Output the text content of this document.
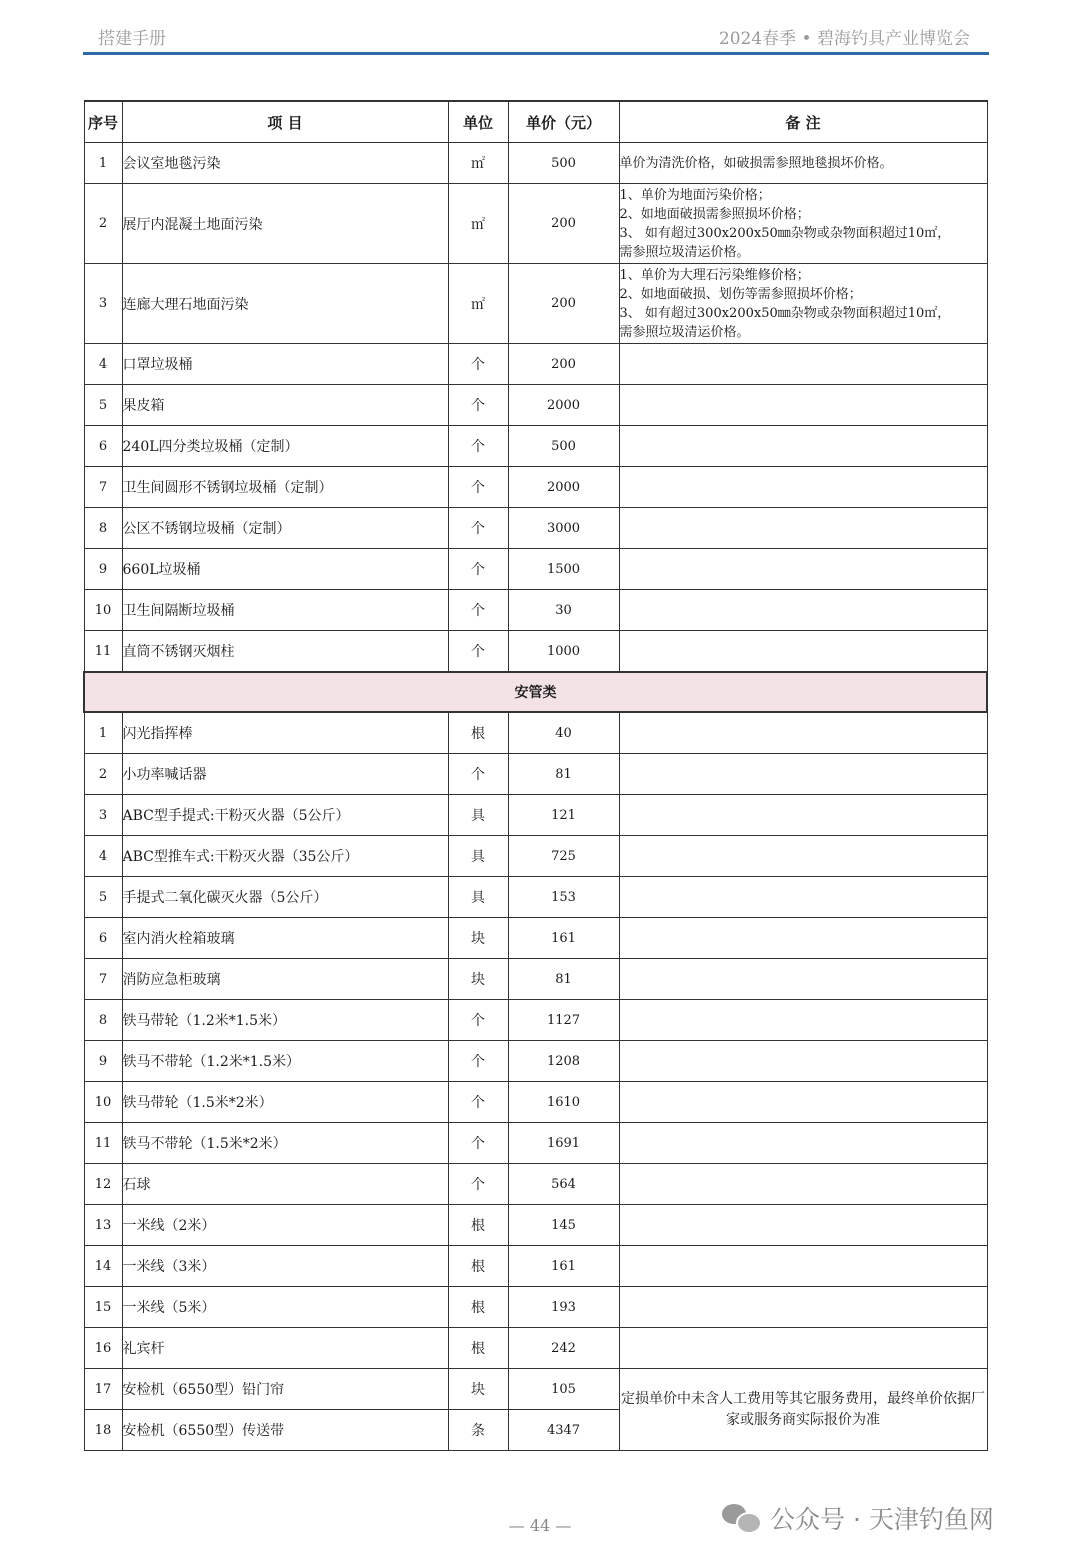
搭建手册	2024春季 • 碧海钓具产业博览会
序号	项 目	单位	单价（元）	备 注
1	会议室地毯污染	㎡	500	单价为清洗价格，如破损需参照地毯损坏价格。

2	展厅内混凝土地面污染	㎡	200	1、单价为地面污染价格；
2、如地面破损需参照损坏价格；
3、 如有超过300x200x50㎜杂物或杂物面积超过10㎡，
需参照垃圾清运价格。

3	连廊大理石地面污染	㎡	200	1、单价为大理石污染维修价格；
2、如地面破损、划伤等需参照损坏价格；
3、 如有超过300x200x50㎜杂物或杂物面积超过10㎡，
需参照垃圾清运价格。

4	口罩垃圾桶	个	200	
5	果皮箱	个	2000	
6	240L四分类垃圾桶（定制）	个	500	
7	卫生间圆形不锈钢垃圾桶（定制）	个	2000	
8	公区不锈钢垃圾桶（定制）	个	3000	
9	660L垃圾桶	个	1500	
10	卫生间隔断垃圾桶	个	30	
11	直筒不锈钢灭烟柱	个	1000	
安管类				
1	闪光指挥棒	根	40	
2	小功率喊话器	个	81	
3	ABC型手提式:干粉灭火器（5公斤）	具	121	
4	ABC型推车式:干粉灭火器（35公斤）	具	725	
5	手提式二氧化碳灭火器（5公斤）	具	153	
6	室内消火栓箱玻璃	块	161	
7	消防应急柜玻璃	块	81	
8	铁马带轮（1.2米*1.5米）	个	1127	
9	铁马不带轮（1.2米*1.5米）	个	1208	
10	铁马带轮（1.5米*2米）	个	1610	
11	铁马不带轮（1.5米*2米）	个	1691	
12	石球	个	564	
13	一米线（2米）	根	145	
14	一米线（3米）	根	161	
15	一米线（5米）	根	193	
16	礼宾杆	根	242	
17	安检机（6550型）铅门帘	块	105	定损单价中未含人工费用等其它服务费用，最终单价依据厂家或服务商实际报价为准
18	安检机（6550型）传送带	条	4347	
— 44 —	公众号 · 天津钓鱼网
